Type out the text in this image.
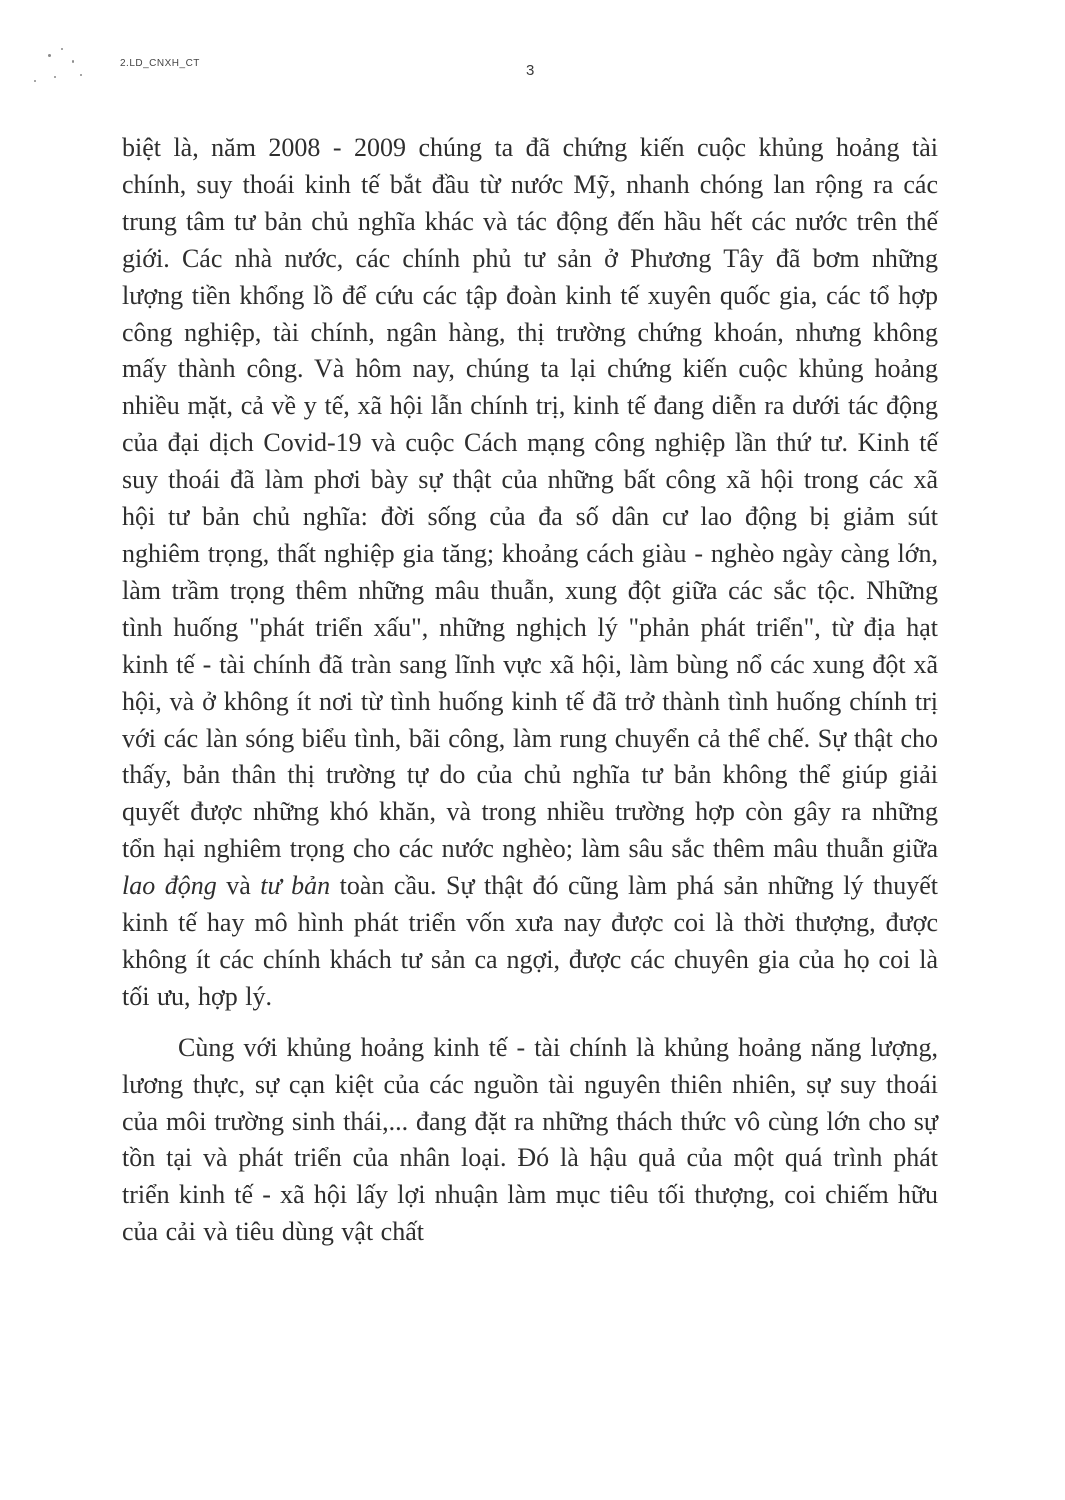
2.LD_CNXH_CT	3

biệt là, năm 2008 - 2009 chúng ta đã chứng kiến cuộc khủng hoảng tài chính, suy thoái kinh tế bắt đầu từ nước Mỹ, nhanh chóng lan rộng ra các trung tâm tư bản chủ nghĩa khác và tác động đến hầu hết các nước trên thế giới. Các nhà nước, các chính phủ tư sản ở Phương Tây đã bơm những lượng tiền khổng lồ để cứu các tập đoàn kinh tế xuyên quốc gia, các tổ hợp công nghiệp, tài chính, ngân hàng, thị trường chứng khoán, nhưng không mấy thành công. Và hôm nay, chúng ta lại chứng kiến cuộc khủng hoảng nhiều mặt, cả về y tế, xã hội lẫn chính trị, kinh tế đang diễn ra dưới tác động của đại dịch Covid-19 và cuộc Cách mạng công nghiệp lần thứ tư. Kinh tế suy thoái đã làm phơi bày sự thật của những bất công xã hội trong các xã hội tư bản chủ nghĩa: đời sống của đa số dân cư lao động bị giảm sút nghiêm trọng, thất nghiệp gia tăng; khoảng cách giàu - nghèo ngày càng lớn, làm trầm trọng thêm những mâu thuẫn, xung đột giữa các sắc tộc. Những tình huống "phát triển xấu", những nghịch lý "phản phát triển", từ địa hạt kinh tế - tài chính đã tràn sang lĩnh vực xã hội, làm bùng nổ các xung đột xã hội, và ở không ít nơi từ tình huống kinh tế đã trở thành tình huống chính trị với các làn sóng biểu tình, bãi công, làm rung chuyển cả thể chế. Sự thật cho thấy, bản thân thị trường tự do của chủ nghĩa tư bản không thể giúp giải quyết được những khó khăn, và trong nhiều trường hợp còn gây ra những tổn hại nghiêm trọng cho các nước nghèo; làm sâu sắc thêm mâu thuẫn giữa lao động và tư bản toàn cầu. Sự thật đó cũng làm phá sản những lý thuyết kinh tế hay mô hình phát triển vốn xưa nay được coi là thời thượng, được không ít các chính khách tư sản ca ngợi, được các chuyên gia của họ coi là tối ưu, hợp lý.

Cùng với khủng hoảng kinh tế - tài chính là khủng hoảng năng lượng, lương thực, sự cạn kiệt của các nguồn tài nguyên thiên nhiên, sự suy thoái của môi trường sinh thái,... đang đặt ra những thách thức vô cùng lớn cho sự tồn tại và phát triển của nhân loại. Đó là hậu quả của một quá trình phát triển kinh tế - xã hội lấy lợi nhuận làm mục tiêu tối thượng, coi chiếm hữu của cải và tiêu dùng vật chất
